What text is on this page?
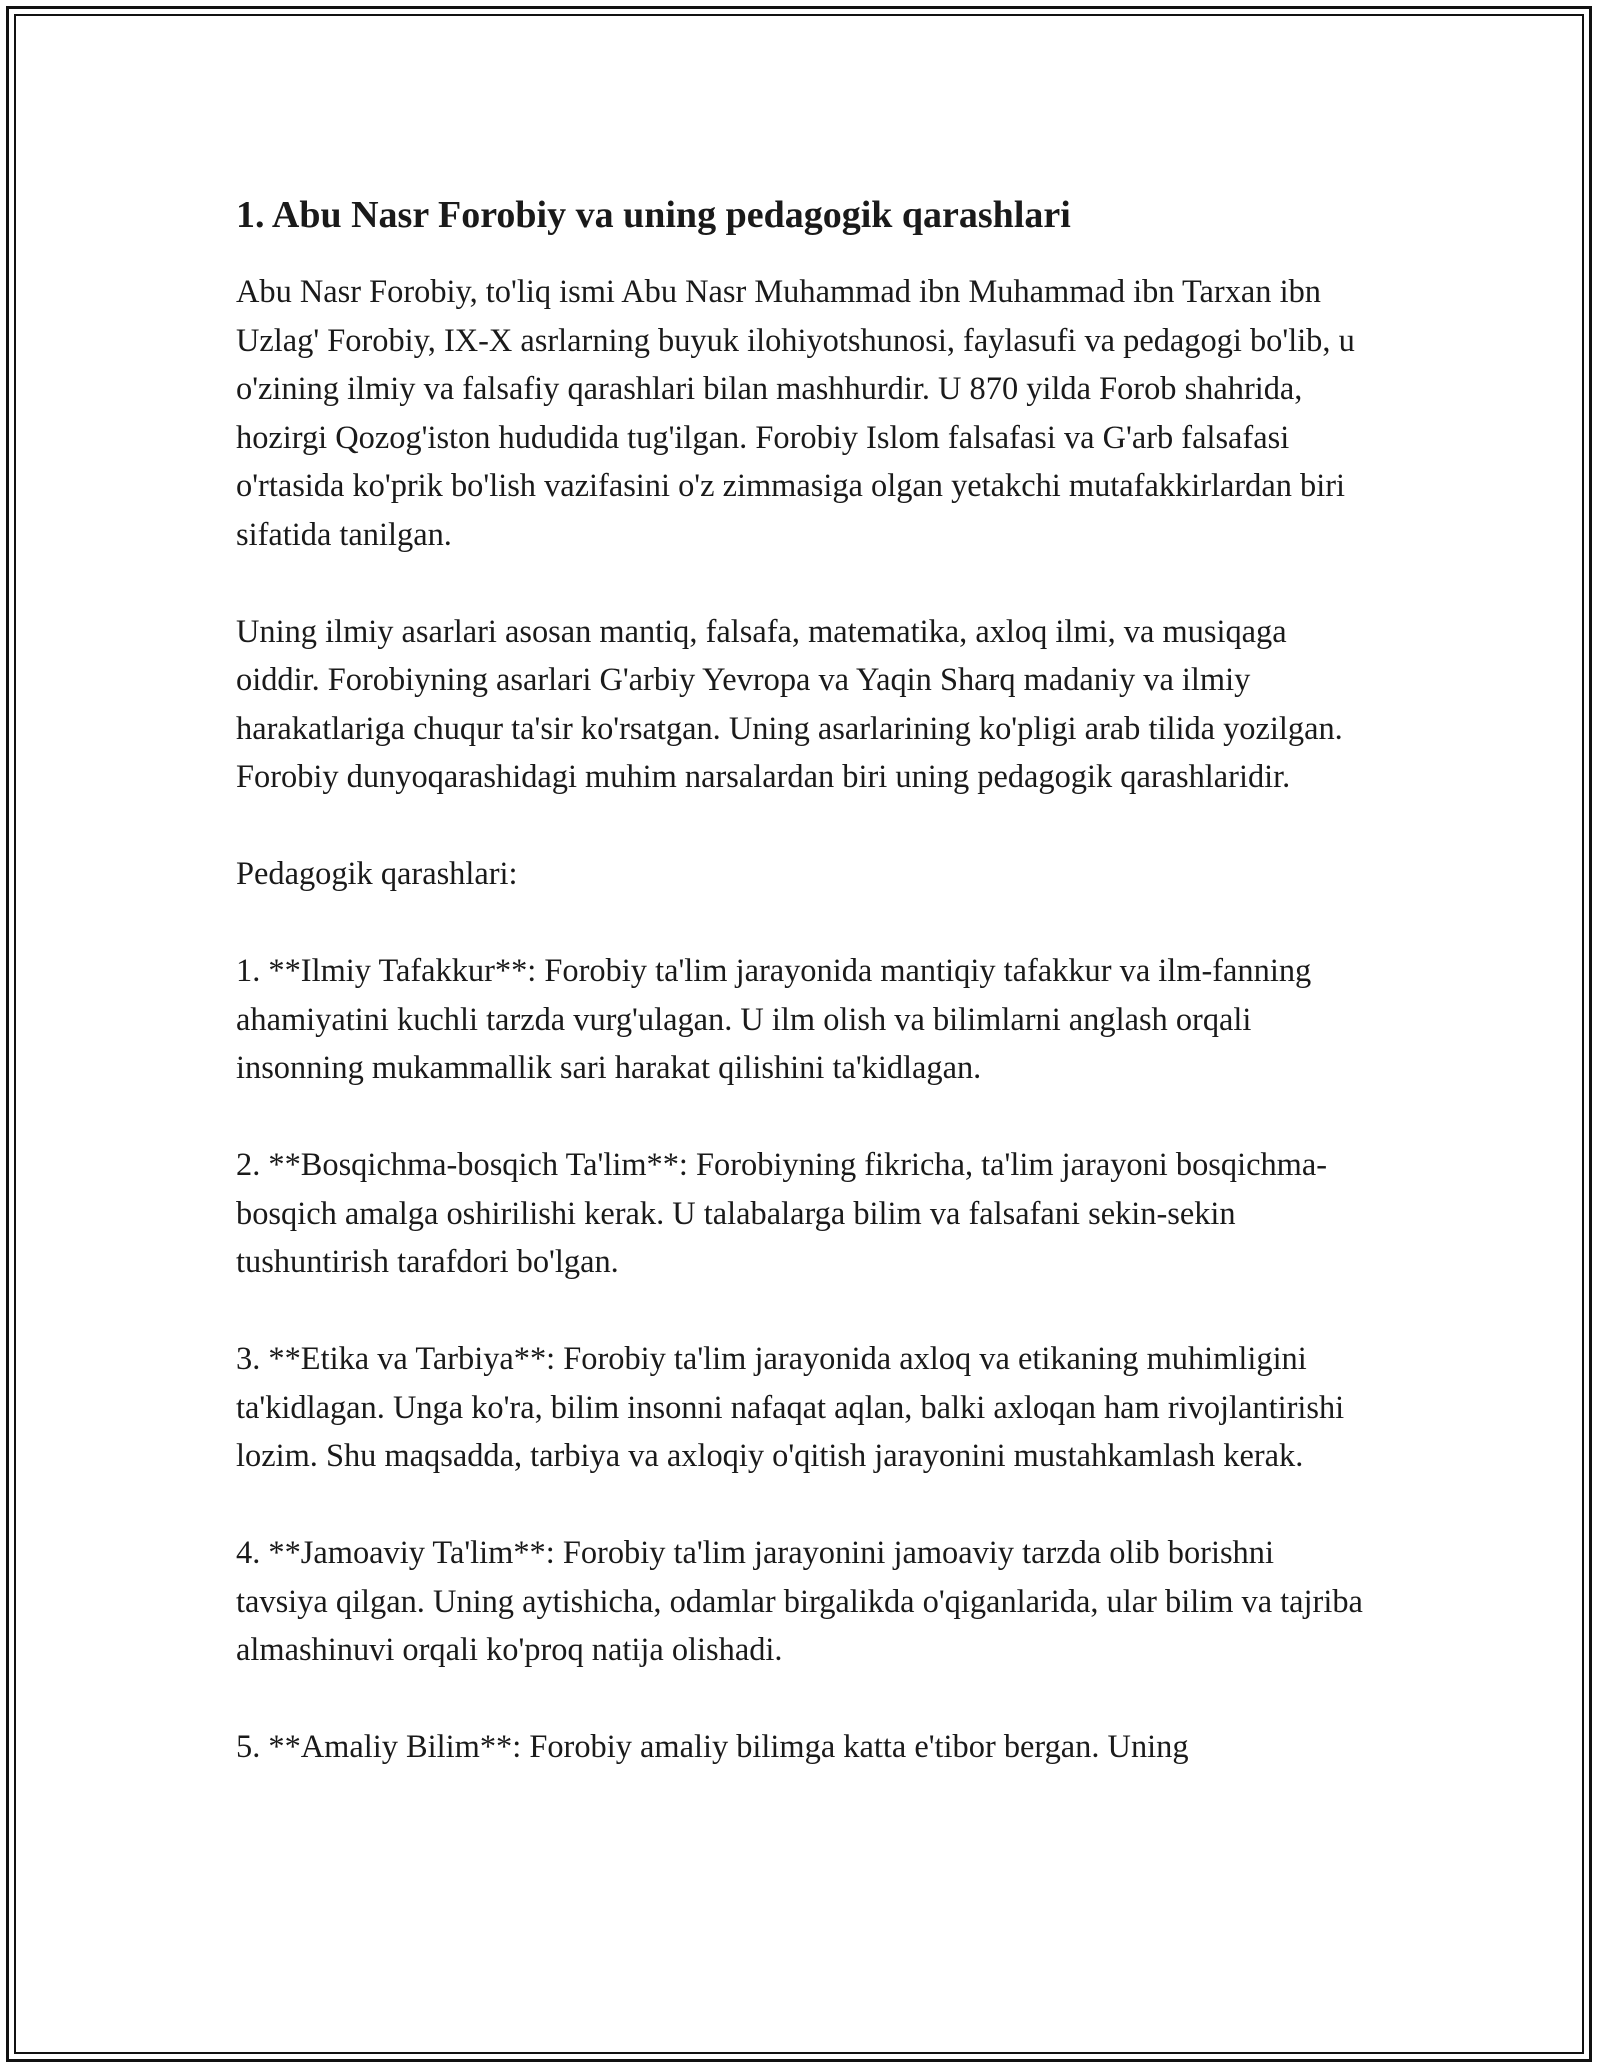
1. Abu Nasr Forobiy va uning pedagogik qarashlari

Abu Nasr Forobiy, to'liq ismi Abu Nasr Muhammad ibn Muhammad ibn Tarxan ibn Uzlag' Forobiy, IX-X asrlarning buyuk ilohiyotshunosi, faylasufi va pedagogi bo'lib, u o'zining ilmiy va falsafiy qarashlari bilan mashhurdir. U 870 yilda Forob shahrida, hozirgi Qozog'iston hududida tug'ilgan. Forobiy Islom falsafasi va G'arb falsafasi o'rtasida ko'prik bo'lish vazifasini o'z zimmasiga olgan yetakchi mutafakkirlardan biri sifatida tanilgan.

Uning ilmiy asarlari asosan mantiq, falsafa, matematika, axloq ilmi, va musiqaga oiddir. Forobiyning asarlari G'arbiy Yevropa va Yaqin Sharq madaniy va ilmiy harakatlariga chuqur ta'sir ko'rsatgan. Uning asarlarining ko'pligi arab tilida yozilgan. Forobiy dunyoqarashidagi muhim narsalardan biri uning pedagogik qarashlaridir.

Pedagogik qarashlari:

1. **Ilmiy Tafakkur**: Forobiy ta'lim jarayonida mantiqiy tafakkur va ilm-fanning ahamiyatini kuchli tarzda vurg'ulagan. U ilm olish va bilimlarni anglash orqali insonning mukammallik sari harakat qilishini ta'kidlagan.

2. **Bosqichma-bosqich Ta'lim**: Forobiyning fikricha, ta'lim jarayoni bosqichma-bosqich amalga oshirilishi kerak. U talabalarga bilim va falsafani sekin-sekin tushuntirish tarafdori bo'lgan.

3. **Etika va Tarbiya**: Forobiy ta'lim jarayonida axloq va etikaning muhimligini ta'kidlagan. Unga ko'ra, bilim insonni nafaqat aqlan, balki axloqan ham rivojlantirishi lozim. Shu maqsadda, tarbiya va axloqiy o'qitish jarayonini mustahkamlash kerak.

4. **Jamoaviy Ta'lim**: Forobiy ta'lim jarayonini jamoaviy tarzda olib borishni tavsiya qilgan. Uning aytishicha, odamlar birgalikda o'qiganlarida, ular bilim va tajriba almashinuvi orqali ko'proq natija olishadi.

5. **Amaliy Bilim**: Forobiy amaliy bilimga katta e'tibor bergan. Uning
